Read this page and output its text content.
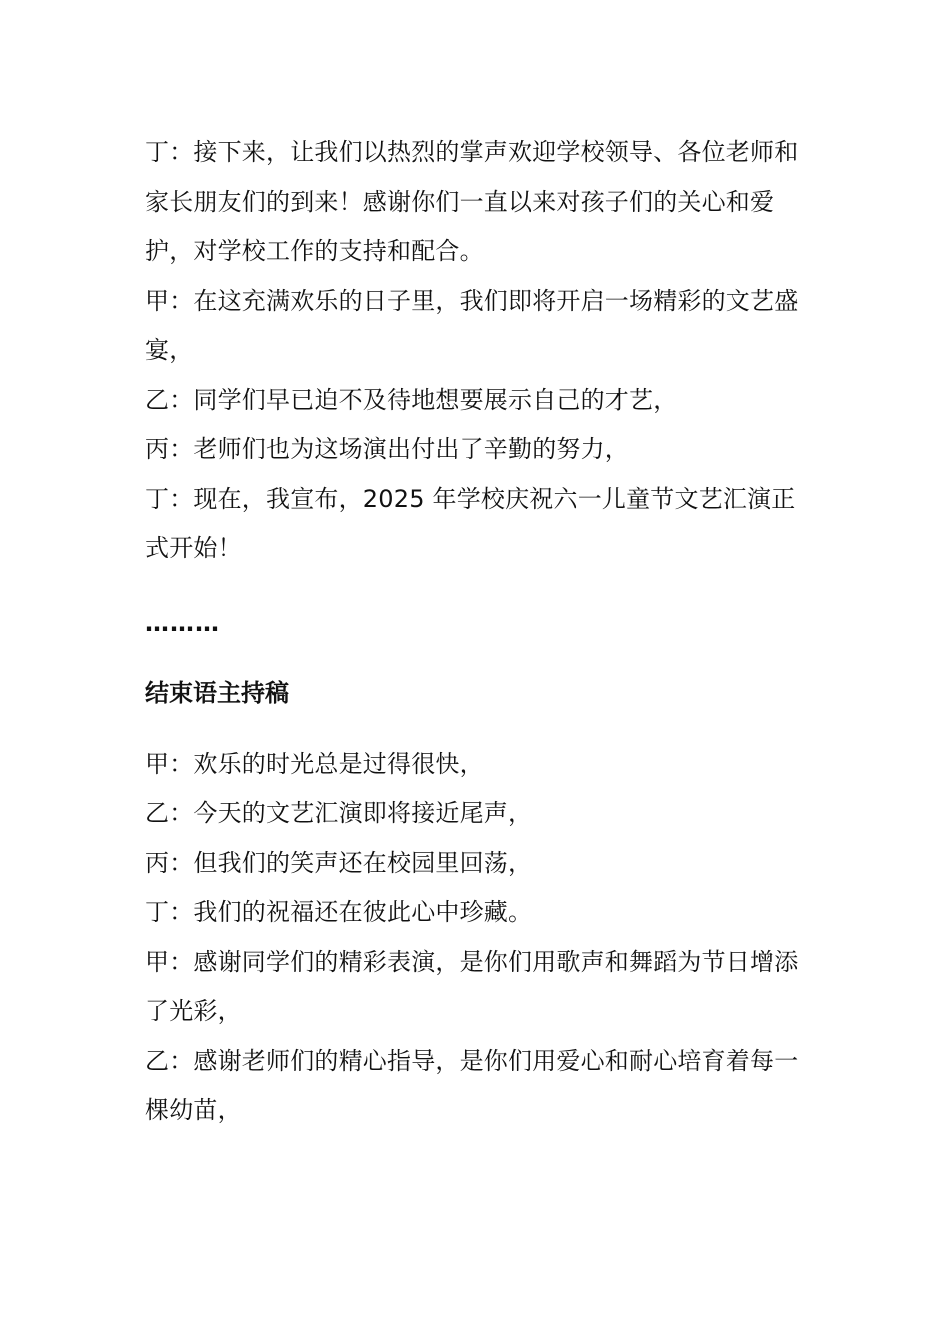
丁：接下来，让我们以热烈的掌声欢迎学校领导、各位老师和家长朋友们的到来！感谢你们一直以来对孩子们的关心和爱护，对学校工作的支持和配合。

甲：在这充满欢乐的日子里，我们即将开启一场精彩的文艺盛宴，

乙：同学们早已迫不及待地想要展示自己的才艺，

丙：老师们也为这场演出付出了辛勤的努力，

丁：现在，我宣布，2025 年学校庆祝六一儿童节文艺汇演正式开始！

………
结束语主持稿

甲：欢乐的时光总是过得很快，

乙：今天的文艺汇演即将接近尾声，

丙：但我们的笑声还在校园里回荡，

丁：我们的祝福还在彼此心中珍藏。

甲：感谢同学们的精彩表演，是你们用歌声和舞蹈为节日增添了光彩，

乙：感谢老师们的精心指导，是你们用爱心和耐心培育着每一棵幼苗，
